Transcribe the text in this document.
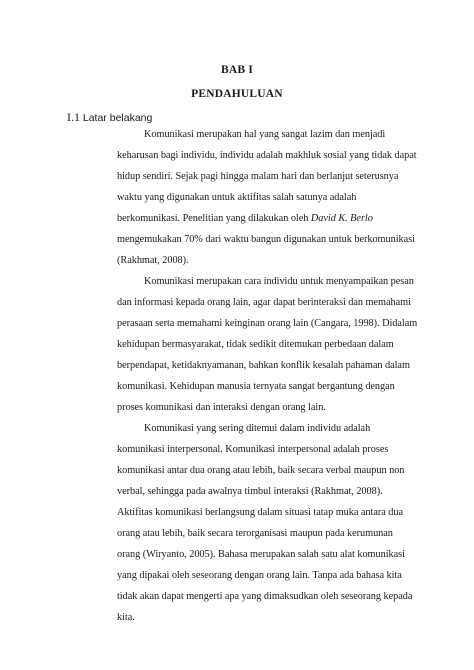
BAB I
PENDAHULUAN
I.1 Latar belakang
Komunikasi merupakan hal yang sangat lazim dan menjadi
keharusan bagi individu, individu adalah makhluk sosial yang tidak dapat
hidup sendiri. Sejak pagi hingga malam hari dan berlanjut seterusnya
waktu yang digunakan untuk aktifitas salah satunya adalah
berkomunikasi. Penelitian yang dilakukan oleh David K. Berlo
mengemukakan 70% dari waktu bangun digunakan untuk berkomunikasi
(Rakhmat, 2008).
Komunikasi merupakan cara individu untuk menyampaikan pesan
dan informasi kepada orang lain, agar dapat berinteraksi dan memahami
perasaan serta memahami keinginan orang lain (Cangara, 1998). Didalam
kehidupan bermasyarakat, tidak sedikit ditemukan perbedaan dalam
berpendapat, ketidaknyamanan, bahkan konflik kesalah pahaman dalam
komunikasi. Kehidupan manusia ternyata sangat bergantung dengan
proses komunikasi dan interaksi dengan orang lain.
Komunikasi yang sering ditemui dalam individu adalah
komunikasi interpersonal. Komunikasi interpersonal adalah proses
komunikasi antar dua orang atau lebih, baik secara verbal maupun non
verbal, sehingga pada awalnya timbul interaksi (Rakhmat, 2008).
Aktifitas komunikasi berlangsung dalam situasi tatap muka antara dua
orang atau lebih, baik secara terorganisasi maupun pada kerumunan
orang (Wiryanto, 2005). Bahasa merupakan salah satu alat komunikasi
yang dipakai oleh seseorang dengan orang lain. Tanpa ada bahasa kita
tidak akan dapat mengerti apa yang dimaksudkan oleh seseorang kepada
kita.
